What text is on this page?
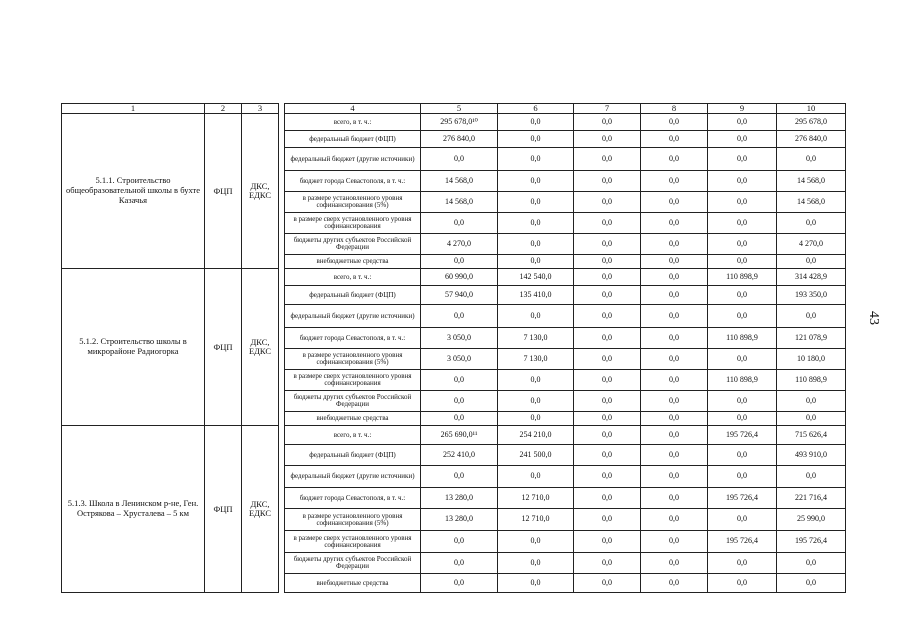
1	2	3		4	5	6	7	8	9	10
5.1.1. Строительство общеобразовательной школы в бухте Казачья	ФЦП	ДКС, ЕДКС		всего, в т. ч.:	295 678,0¹⁰	0,0	0,0	0,0	0,0	295 678,0
				федеральный бюджет (ФЦП)	276 840,0	0,0	0,0	0,0	0,0	276 840,0
				федеральный бюджет (другие источники)	0,0	0,0	0,0	0,0	0,0	0,0
				бюджет города Севастополя, в т. ч.:	14 568,0	0,0	0,0	0,0	0,0	14 568,0
				в размере установленного уровня софинансирования (5%)	14 568,0	0,0	0,0	0,0	0,0	14 568,0
				в размере сверх установленного уровня софинансирования	0,0	0,0	0,0	0,0	0,0	0,0
				бюджеты других субъектов Российской Федерации	4 270,0	0,0	0,0	0,0	0,0	4 270,0
				внебюджетные средства	0,0	0,0	0,0	0,0	0,0	0,0
5.1.2. Строительство школы в микрорайоне Радиогорка	ФЦП	ДКС, ЕДКС		всего, в т. ч.:	60 990,0	142 540,0	0,0	0,0	110 898,9	314 428,9
				федеральный бюджет (ФЦП)	57 940,0	135 410,0	0,0	0,0	0,0	193 350,0
				федеральный бюджет (другие источники)	0,0	0,0	0,0	0,0	0,0	0,0
				бюджет города Севастополя, в т. ч.:	3 050,0	7 130,0	0,0	0,0	110 898,9	121 078,9
				в размере установленного уровня софинансирования (5%)	3 050,0	7 130,0	0,0	0,0	0,0	10 180,0
				в размере сверх установленного уровня софинансирования	0,0	0,0	0,0	0,0	110 898,9	110 898,9
				бюджеты других субъектов Российской Федерации	0,0	0,0	0,0	0,0	0,0	0,0
				внебюджетные средства	0,0	0,0	0,0	0,0	0,0	0,0
5.1.3. Школа в Ленинском р-не, Ген. Острякова – Хрусталева – 5 км	ФЦП	ДКС, ЕДКС		всего, в т. ч.:	265 690,0¹¹	254 210,0	0,0	0,0	195 726,4	715 626,4
				федеральный бюджет (ФЦП)	252 410,0	241 500,0	0,0	0,0	0,0	493 910,0
				федеральный бюджет (другие источники)	0,0	0,0	0,0	0,0	0,0	0,0
				бюджет города Севастополя, в т. ч.:	13 280,0	12 710,0	0,0	0,0	195 726,4	221 716,4
				в размере установленного уровня софинансирования (5%)	13 280,0	12 710,0	0,0	0,0	0,0	25 990,0
				в размере сверх установленного уровня софинансирования	0,0	0,0	0,0	0,0	195 726,4	195 726,4
				бюджеты других субъектов Российской Федерации	0,0	0,0	0,0	0,0	0,0	0,0
				внебюджетные средства	0,0	0,0	0,0	0,0	0,0	0,0
43
